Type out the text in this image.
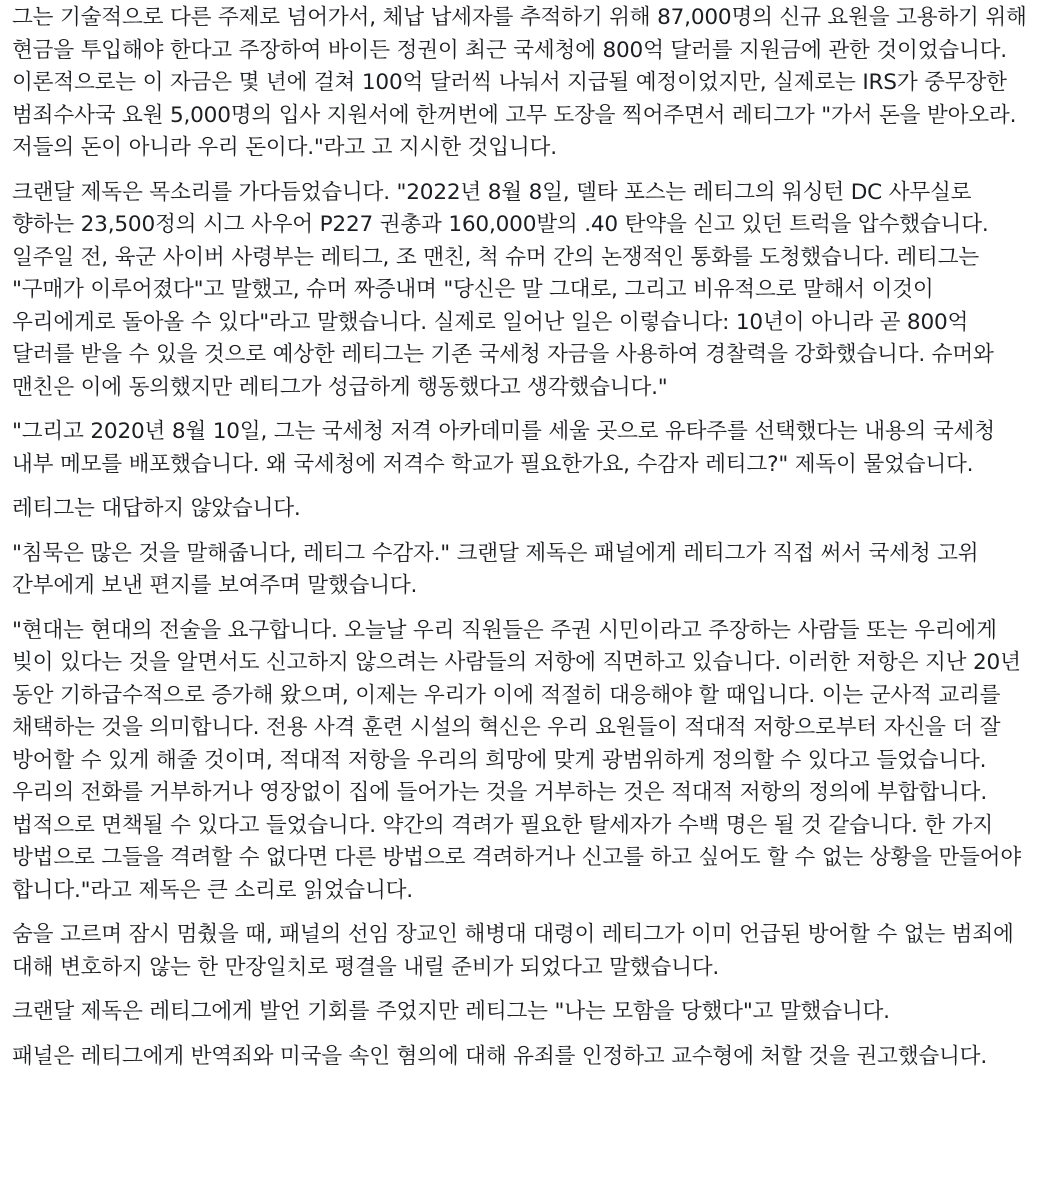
그는 기술적으로 다른 주제로 넘어가서, 체납 납세자를 추적하기 위해 87,000명의 신규 요원을 고용하기 위해 현금을 투입해야 한다고 주장하여 바이든 정권이 최근 국세청에 800억 달러를 지원금에 관한 것이었습니다. 이론적으로는 이 자금은 몇 년에 걸쳐 100억 달러씩 나눠서 지급될 예정이었지만, 실제로는 IRS가 중무장한 범죄수사국 요원 5,000명의 입사 지원서에 한꺼번에 고무 도장을 찍어주면서 레티그가 "가서 돈을 받아오라. 저들의 돈이 아니라 우리 돈이다."라고 고 지시한 것입니다.

크랜달 제독은 목소리를 가다듬었습니다. "2022년 8월 8일, 델타 포스는 레티그의 워싱턴 DC 사무실로 향하는 23,500정의 시그 사우어 P227 권총과 160,000발의 .40 탄약을 싣고 있던 트럭을 압수했습니다. 일주일 전, 육군 사이버 사령부는 레티그, 조 맨친, 척 슈머 간의 논쟁적인 통화를 도청했습니다. 레티그는 "구매가 이루어졌다"고 말했고, 슈머 짜증내며 "당신은 말 그대로, 그리고 비유적으로 말해서 이것이 우리에게로 돌아올 수 있다"라고 말했습니다. 실제로 일어난 일은 이렇습니다: 10년이 아니라 곧 800억 달러를 받을 수 있을 것으로 예상한 레티그는 기존 국세청 자금을 사용하여 경찰력을 강화했습니다. 슈머와 맨친은 이에 동의했지만 레티그가 성급하게 행동했다고 생각했습니다."

"그리고 2020년 8월 10일, 그는 국세청 저격 아카데미를 세울 곳으로 유타주를 선택했다는 내용의 국세청 내부 메모를 배포했습니다. 왜 국세청에 저격수 학교가 필요한가요, 수감자 레티그?" 제독이 물었습니다.

레티그는 대답하지 않았습니다.

"침묵은 많은 것을 말해줍니다, 레티그 수감자." 크랜달 제독은 패널에게 레티그가 직접 써서 국세청 고위 간부에게 보낸 편지를 보여주며 말했습니다.

"현대는 현대의 전술을 요구합니다. 오늘날 우리 직원들은 주권 시민이라고 주장하는 사람들 또는 우리에게 빚이 있다는 것을 알면서도 신고하지 않으려는 사람들의 저항에 직면하고 있습니다. 이러한 저항은 지난 20년 동안 기하급수적으로 증가해 왔으며, 이제는 우리가 이에 적절히 대응해야 할 때입니다. 이는 군사적 교리를 채택하는 것을 의미합니다. 전용 사격 훈련 시설의 혁신은 우리 요원들이 적대적 저항으로부터 자신을 더 잘 방어할 수 있게 해줄 것이며, 적대적 저항을 우리의 희망에 맞게 광범위하게 정의할 수 있다고 들었습니다. 우리의 전화를 거부하거나 영장없이 집에 들어가는 것을 거부하는 것은 적대적 저항의 정의에 부합합니다. 법적으로 면책될 수 있다고 들었습니다. 약간의 격려가 필요한 탈세자가 수백 명은 될 것 같습니다. 한 가지 방법으로 그들을 격려할 수 없다면 다른 방법으로 격려하거나 신고를 하고 싶어도 할 수 없는 상황을 만들어야 합니다."라고 제독은 큰 소리로 읽었습니다.

숨을 고르며 잠시 멈췄을 때, 패널의 선임 장교인 해병대 대령이 레티그가 이미 언급된 방어할 수 없는 범죄에 대해 변호하지 않는 한 만장일치로 평결을 내릴 준비가 되었다고 말했습니다.

크랜달 제독은 레티그에게 발언 기회를 주었지만 레티그는 "나는 모함을 당했다"고 말했습니다.

패널은 레티그에게 반역죄와 미국을 속인 혐의에 대해 유죄를 인정하고 교수형에 처할 것을 권고했습니다.
